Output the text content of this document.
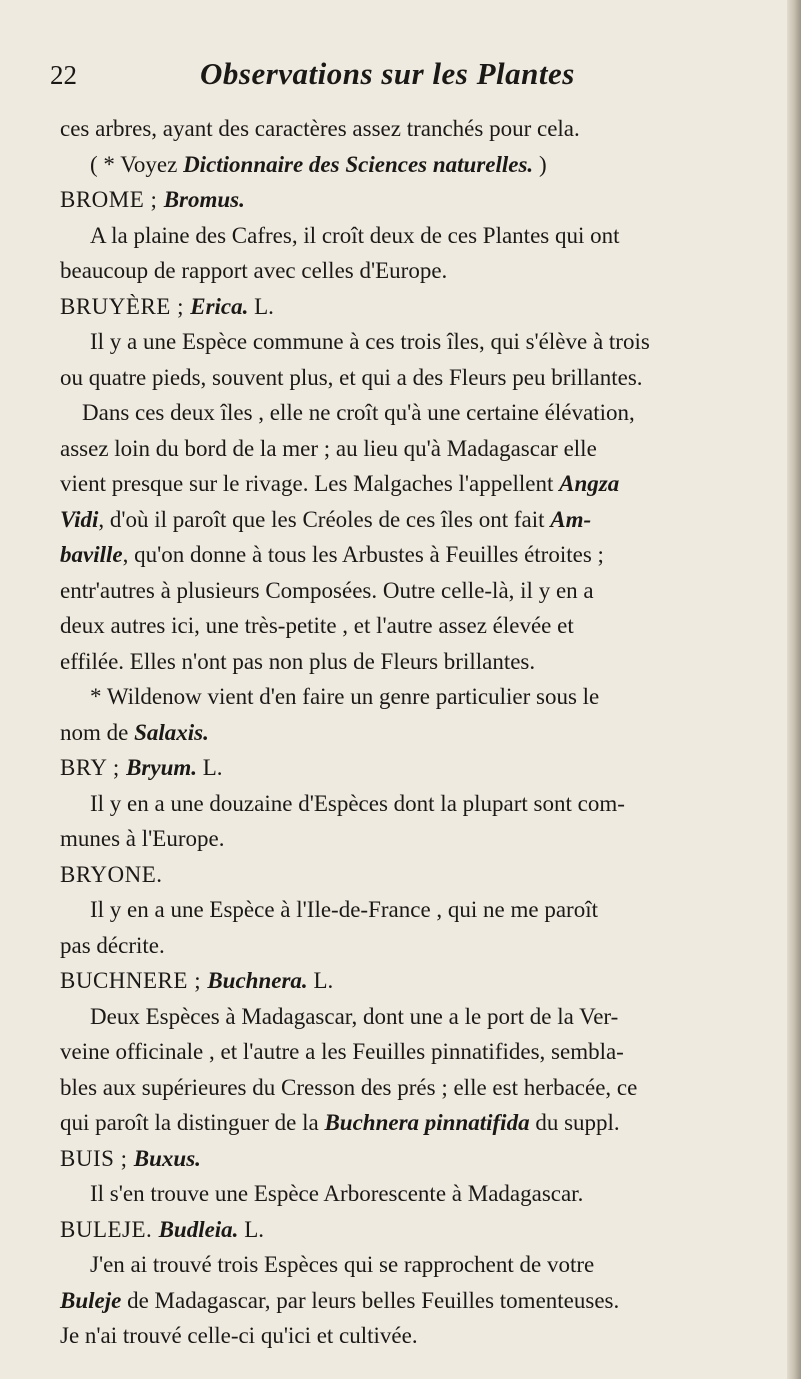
22	Observations sur les Plantes
ces arbres, ayant des caractères assez tranchés pour cela.
( * Voyez Dictionnaire des Sciences naturelles. )
BROME ; Bromus.
A la plaine des Cafres, il croît deux de ces Plantes qui ont
beaucoup de rapport avec celles d'Europe.
BRUYÈRE ; Erica. L.
Il y a une Espèce commune à ces trois îles, qui s'élève à trois
ou quatre pieds, souvent plus, et qui a des Fleurs peu brillantes.
Dans ces deux îles , elle ne croît qu'à une certaine élévation,
assez loin du bord de la mer ; au lieu qu'à Madagascar elle
vient presque sur le rivage. Les Malgaches l'appellent Angza
Vidi, d'où il paroît que les Créoles de ces îles ont fait Am-
baville, qu'on donne à tous les Arbustes à Feuilles étroites ;
entr'autres à plusieurs Composées. Outre celle-là, il y en a
deux autres ici, une très-petite , et l'autre assez élevée et
effilée. Elles n'ont pas non plus de Fleurs brillantes.
* Wildenow vient d'en faire un genre particulier sous le
nom de Salaxis.
BRY ; Bryum. L.
Il y en a une douzaine d'Espèces dont la plupart sont com-
munes à l'Europe.
BRYONE.
Il y en a une Espèce à l'Ile-de-France , qui ne me paroît
pas décrite.
BUCHNERE ; Buchnera. L.
Deux Espèces à Madagascar, dont une a le port de la Ver-
veine officinale , et l'autre a les Feuilles pinnatifides, sembla-
bles aux supérieures du Cresson des prés ; elle est herbacée, ce
qui paroît la distinguer de la Buchnera pinnatifida du suppl.
BUIS ; Buxus.
Il s'en trouve une Espèce Arborescente à Madagascar.
BULEJE. Budleia. L.
J'en ai trouvé trois Espèces qui se rapprochent de votre
Buleje de Madagascar, par leurs belles Feuilles tomenteuses.
Je n'ai trouvé celle-ci qu'ici et cultivée.
